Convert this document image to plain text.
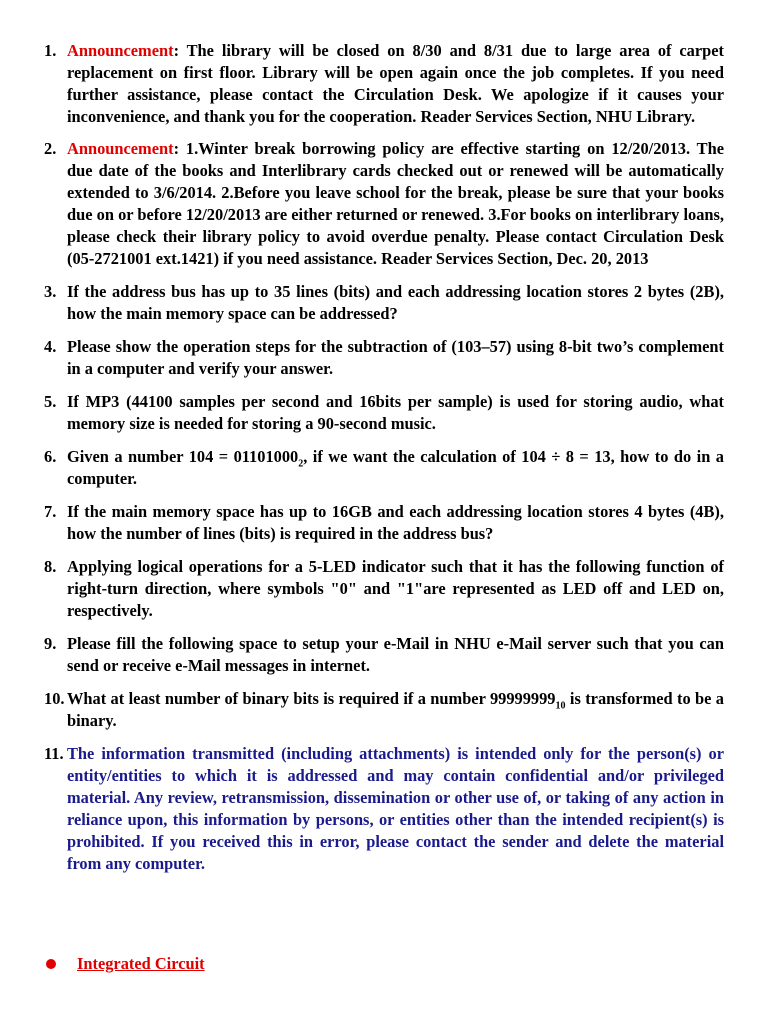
1. Announcement: The library will be closed on 8/30 and 8/31 due to large area of carpet replacement on first floor. Library will be open again once the job completes. If you need further assistance, please contact the Circulation Desk. We apologize if it causes your inconvenience, and thank you for the cooperation. Reader Services Section, NHU Library.
2. Announcement: 1.Winter break borrowing policy are effective starting on 12/20/2013. The due date of the books and Interlibrary cards checked out or renewed will be automatically extended to 3/6/2014. 2.Before you leave school for the break, please be sure that your books due on or before 12/20/2013 are either returned or renewed. 3.For books on interlibrary loans, please check their library policy to avoid overdue penalty. Please contact Circulation Desk (05-2721001 ext.1421) if you need assistance. Reader Services Section, Dec. 20, 2013
3. If the address bus has up to 35 lines (bits) and each addressing location stores 2 bytes (2B), how the main memory space can be addressed?
4. Please show the operation steps for the subtraction of (103–57) using 8-bit two’s complement in a computer and verify your answer.
5. If MP3 (44100 samples per second and 16bits per sample) is used for storing audio, what memory size is needed for storing a 90-second music.
6. Given a number $104 = 01101000_2$, if we want the calculation of 104 ÷ 8 = 13, how to do in a computer.
7. If the main memory space has up to 16GB and each addressing location stores 4 bytes (4B), how the number of lines (bits) is required in the address bus?
8. Applying logical operations for a 5-LED indicator such that it has the following function of right-turn direction, where symbols "0" and "1"are represented as LED off and LED on, respectively.
9. Please fill the following space to setup your e-Mail in NHU e-Mail server such that you can send or receive e-Mail messages in internet.
10. What at least number of binary bits is required if a number $99999999_{10}$ is transformed to be a binary.
11. The information transmitted (including attachments) is intended only for the person(s) or entity/entities to which it is addressed and may contain confidential and/or privileged material. Any review, retransmission, dissemination or other use of, or taking of any action in reliance upon, this information by persons, or entities other than the intended recipient(s) is prohibited. If you received this in error, please contact the sender and delete the material from any computer.
Integrated Circuit
